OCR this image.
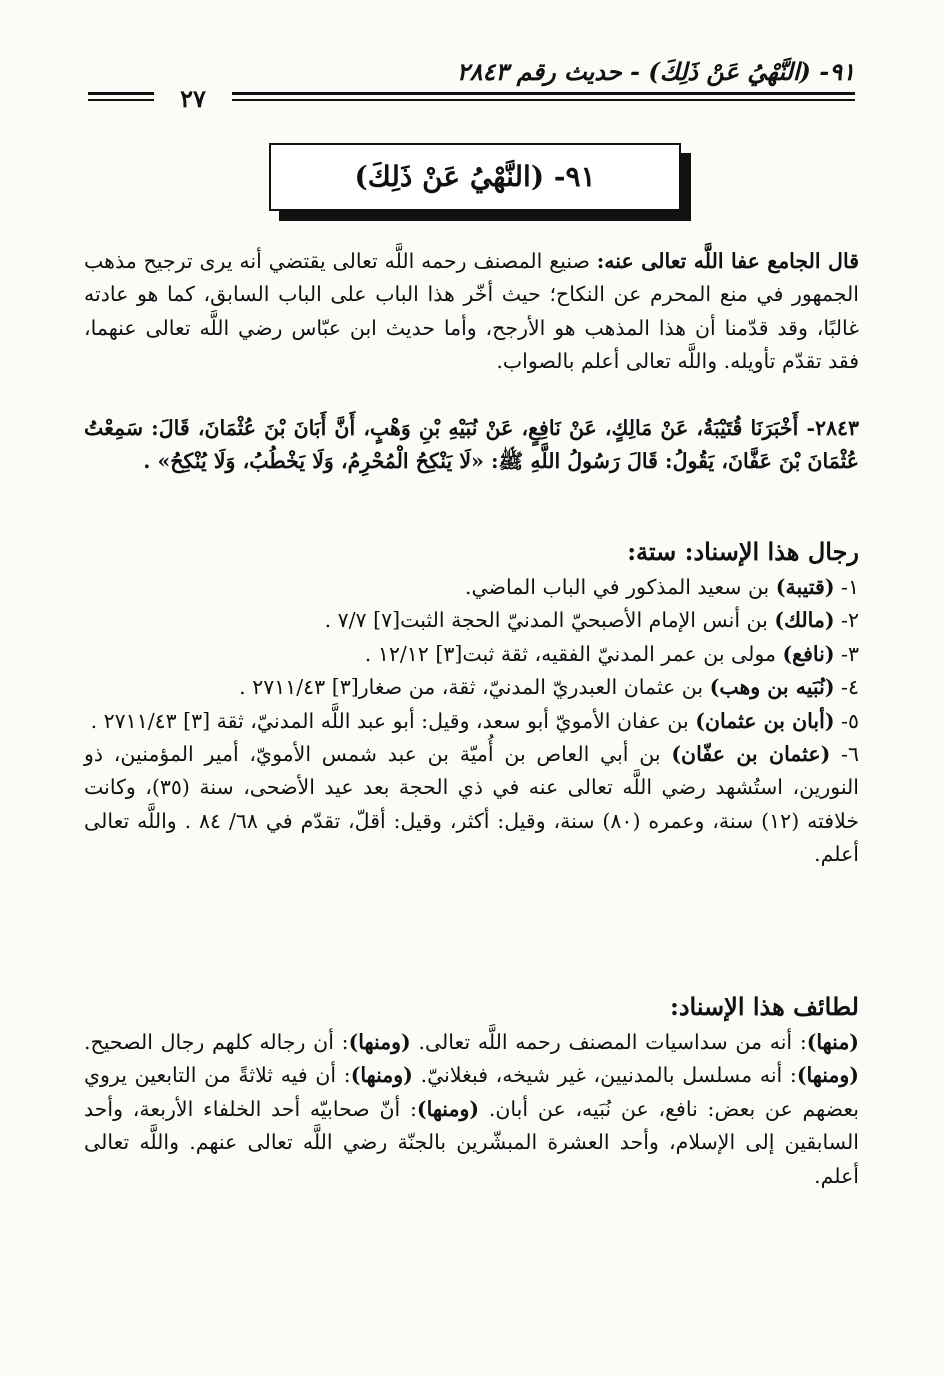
٩١- (النَّهْيُ عَنْ ذَلِكَ) - حديث رقم ٢٨٤٣
٢٧
٩١- (النَّهْيُ عَنْ ذَلِكَ)

قال الجامع عفا اللَّه تعالى عنه: صنيع المصنف رحمه اللَّه تعالى يقتضي أنه يرى ترجيح مذهب الجمهور في منع المحرم عن النكاح؛ حيث أخّر هذا الباب على الباب السابق، كما هو عادته غالبًا، وقد قدّمنا أن هذا المذهب هو الأرجح، وأما حديث ابن عبّاس رضي اللَّه تعالى عنهما، فقد تقدّم تأويله. واللَّه تعالى أعلم بالصواب.

٢٨٤٣- أَخْبَرَنَا قُتَيْبَةُ، عَنْ مَالِكٍ، عَنْ نَافِعٍ، عَنْ نُبَيْهِ بْنِ وَهْبٍ، أَنَّ أَبَانَ بْنَ عُثْمَانَ، قَالَ: سَمِعْتُ عُثْمَانَ بْنَ عَفَّانَ، يَقُولُ: قَالَ رَسُولُ اللَّهِ ﷺ: «لَا يَنْكِحُ الْمُحْرِمُ، وَلَا يَخْطُبُ، وَلَا يُنْكِحُ» .

رجال هذا الإسناد: ستة:

١- (قتيبة) بن سعيد المذكور في الباب الماضي.

٢- (مالك) بن أنس الإمام الأصبحيّ المدنيّ الحجة الثبت[٧] ٧/٧ .

٣- (نافع) مولى بن عمر المدنيّ الفقيه، ثقة ثبت[٣] ١٢/١٢ .

٤- (نُبَيه بن وهب) بن عثمان العبدريّ المدنيّ، ثقة، من صغار[٣] ٢٧١١/٤٣ .

٥- (أبان بن عثمان) بن عفان الأمويّ أبو سعد، وقيل: أبو عبد اللَّه المدنيّ، ثقة [٣] ٢٧١١/٤٣ .

٦- (عثمان بن عفّان) بن أبي العاص بن أُميّة بن عبد شمس الأمويّ، أمير المؤمنين، ذو النورين، استُشهد رضي اللَّه تعالى عنه في ذي الحجة بعد عيد الأضحى، سنة (٣٥)، وكانت خلافته (١٢) سنة، وعمره (٨٠) سنة، وقيل: أكثر، وقيل: أقلّ، تقدّم في ٦٨/ ٨٤ . واللَّه تعالى أعلم.

لطائف هذا الإسناد:

(منها): أنه من سداسيات المصنف رحمه اللَّه تعالى. (ومنها): أن رجاله كلهم رجال الصحيح. (ومنها): أنه مسلسل بالمدنيين، غير شيخه، فبغلانيّ. (ومنها): أن فيه ثلاثةً من التابعين يروي بعضهم عن بعض: نافع، عن نُبَيه، عن أبان. (ومنها): أنّ صحابيّه أحد الخلفاء الأربعة، وأحد السابقين إلى الإسلام، وأحد العشرة المبشّرين بالجنّة رضي اللَّه تعالى عنهم. واللَّه تعالى أعلم.
